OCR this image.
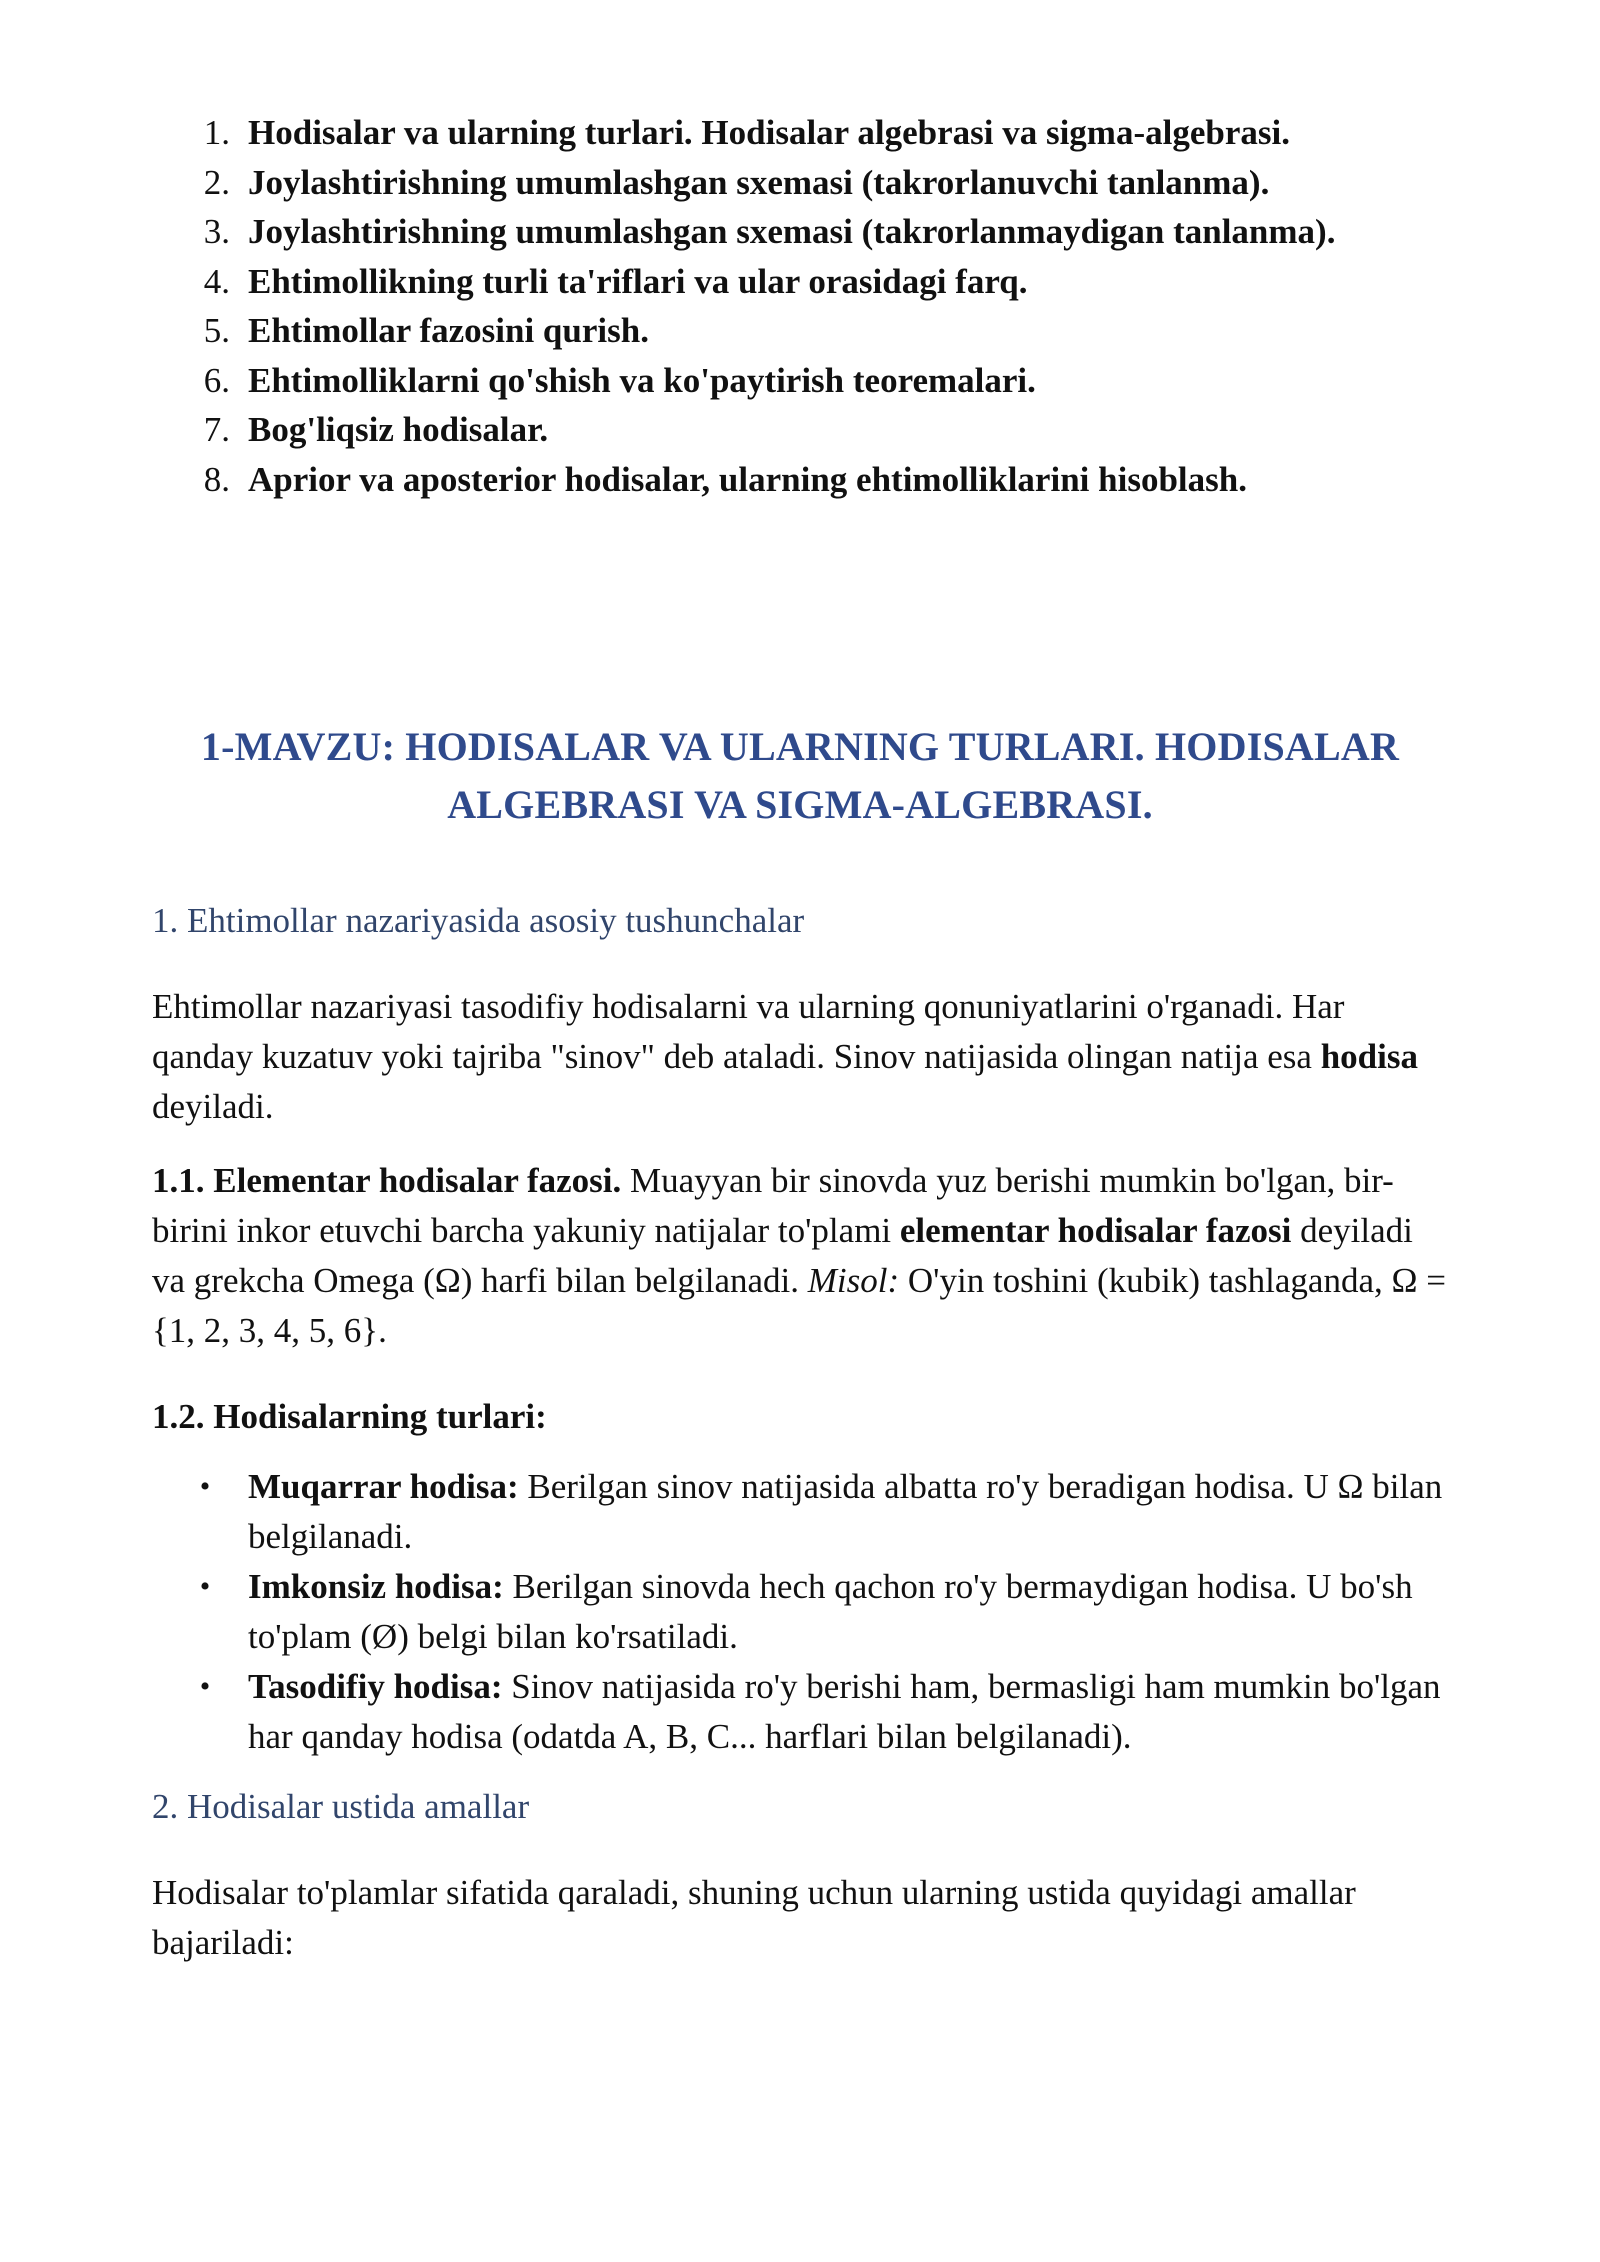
1. Hodisalar va ularning turlari. Hodisalar algebrasi va sigma-algebrasi.
2. Joylashtirishning umumlashgan sxemasi (takrorlanuvchi tanlanma).
3. Joylashtirishning umumlashgan sxemasi (takrorlanmaydigan tanlanma).
4. Ehtimollikning turli ta'riflari va ular orasidagi farq.
5. Ehtimollar fazosini qurish.
6. Ehtimolliklarni qo'shish va ko'paytirish teoremalari.
7. Bog'liqsiz hodisalar.
8. Aprior va aposterior hodisalar, ularning ehtimolliklarini hisoblash.
1-MAVZU: HODISALAR VA ULARNING TURLARI. HODISALAR
ALGEBRASI VA SIGMA-ALGEBRASI.
1. Ehtimollar nazariyasida asosiy tushunchalar

Ehtimollar nazariyasi tasodifiy hodisalarni va ularning qonuniyatlarini o'rganadi. Har qanday kuzatuv yoki tajriba "sinov" deb ataladi. Sinov natijasida olingan natija esa hodisa deyiladi.

1.1. Elementar hodisalar fazosi. Muayyan bir sinovda yuz berishi mumkin bo'lgan, bir-birini inkor etuvchi barcha yakuniy natijalar to'plami elementar hodisalar fazosi deyiladi va grekcha Omega (Ω) harfi bilan belgilanadi. Misol: O'yin toshini (kubik) tashlaganda, Ω = {1, 2, 3, 4, 5, 6}.

1.2. Hodisalarning turlari:

•	Muqarrar hodisa: Berilgan sinov natijasida albatta ro'y beradigan hodisa. U Ω bilan belgilanadi.
•	Imkonsiz hodisa: Berilgan sinovda hech qachon ro'y bermaydigan hodisa. U bo'sh to'plam (Ø) belgi bilan ko'rsatiladi.
•	Tasodifiy hodisa: Sinov natijasida ro'y berishi ham, bermasligi ham mumkin bo'lgan har qanday hodisa (odatda A, B, C... harflari bilan belgilanadi).
2. Hodisalar ustida amallar

Hodisalar to'plamlar sifatida qaraladi, shuning uchun ularning ustida quyidagi amallar bajariladi:
